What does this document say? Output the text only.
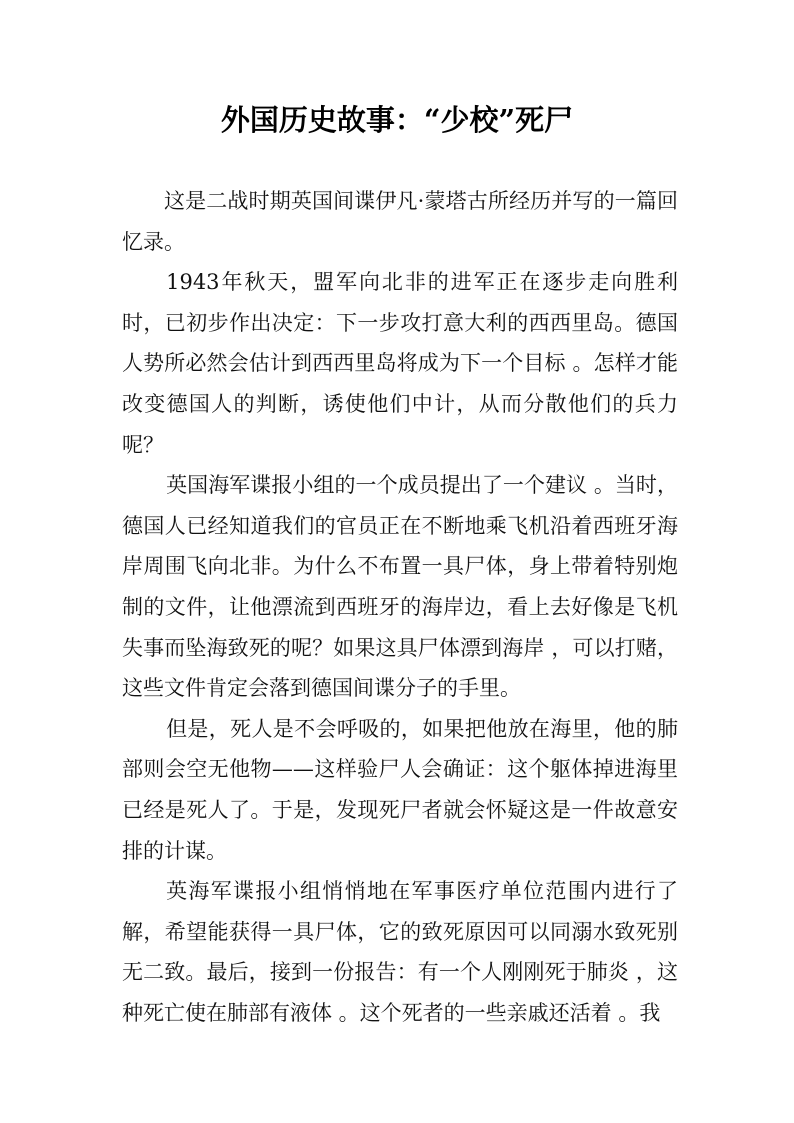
外国历史故事：“少校”死尸

这是二战时期英国间谍伊凡·蒙塔古所经历并写的一篇回忆录。

1943年秋天，盟军向北非的进军正在逐步走向胜利时，已初步作出决定：下一步攻打意大利的西西里岛。德国人势所必然会估计到西西里岛将成为下一个目标 。怎样才能改变德国人的判断，诱使他们中计，从而分散他们的兵力呢？

英国海军谍报小组的一个成员提出了一个建议 。当时，德国人已经知道我们的官员正在不断地乘飞机沿着西班牙海岸周围飞向北非。为什么不布置一具尸体，身上带着特别炮制的文件，让他漂流到西班牙的海岸边，看上去好像是飞机失事而坠海致死的呢？如果这具尸体漂到海岸 ，可以打赌，这些文件肯定会落到德国间谍分子的手里。

但是，死人是不会呼吸的，如果把他放在海里，他的肺部则会空无他物——这样验尸人会确证：这个躯体掉进海里已经是死人了。于是，发现死尸者就会怀疑这是一件故意安排的计谋。

英海军谍报小组悄悄地在军事医疗单位范围内进行了解，希望能获得一具尸体，它的致死原因可以同溺水致死别无二致。最后，接到一份报告：有一个人刚刚死于肺炎 ，这种死亡使在肺部有液体 。这个死者的一些亲戚还活着 。我
